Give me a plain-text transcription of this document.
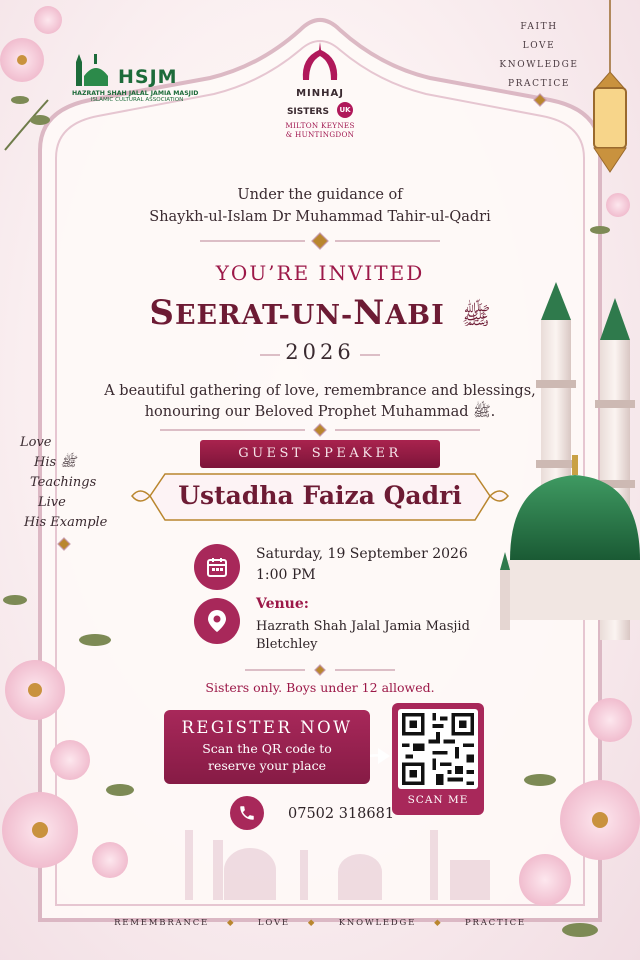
HSJM
HAZRATH SHAH JALAL JAMIA MASJID
ISLAMIC CULTURAL ASSOCIATION
MINHAJ
SISTERS UK
MILTON KEYNES
& HUNTINGDON
FAITH
LOVE
KNOWLEDGE
PRACTICE
Under the guidance of
Shaykh-ul-Islam Dr Muhammad Tahir-ul-Qadri
YOU’RE INVITED
SEERAT-UN-NABI ﷺ
2026
A beautiful gathering of love, remembrance and blessings,
honouring our Beloved Prophet Muhammad ﷺ.
Love
His ﷺ
Teachings
Live
His Example
GUEST SPEAKER
Ustadha Faiza Qadri
Saturday, 19 September 2026
1:00 PM
Venue:
Hazrath Shah Jalal Jamia Masjid
Bletchley
Sisters only. Boys under 12 allowed.
REGISTER NOW
Scan the QR code to
reserve your place
SCAN ME
07502 318681
REMEMBRANCE ◆	LOVE ◆	KNOWLEDGE ◆	PRACTICE
